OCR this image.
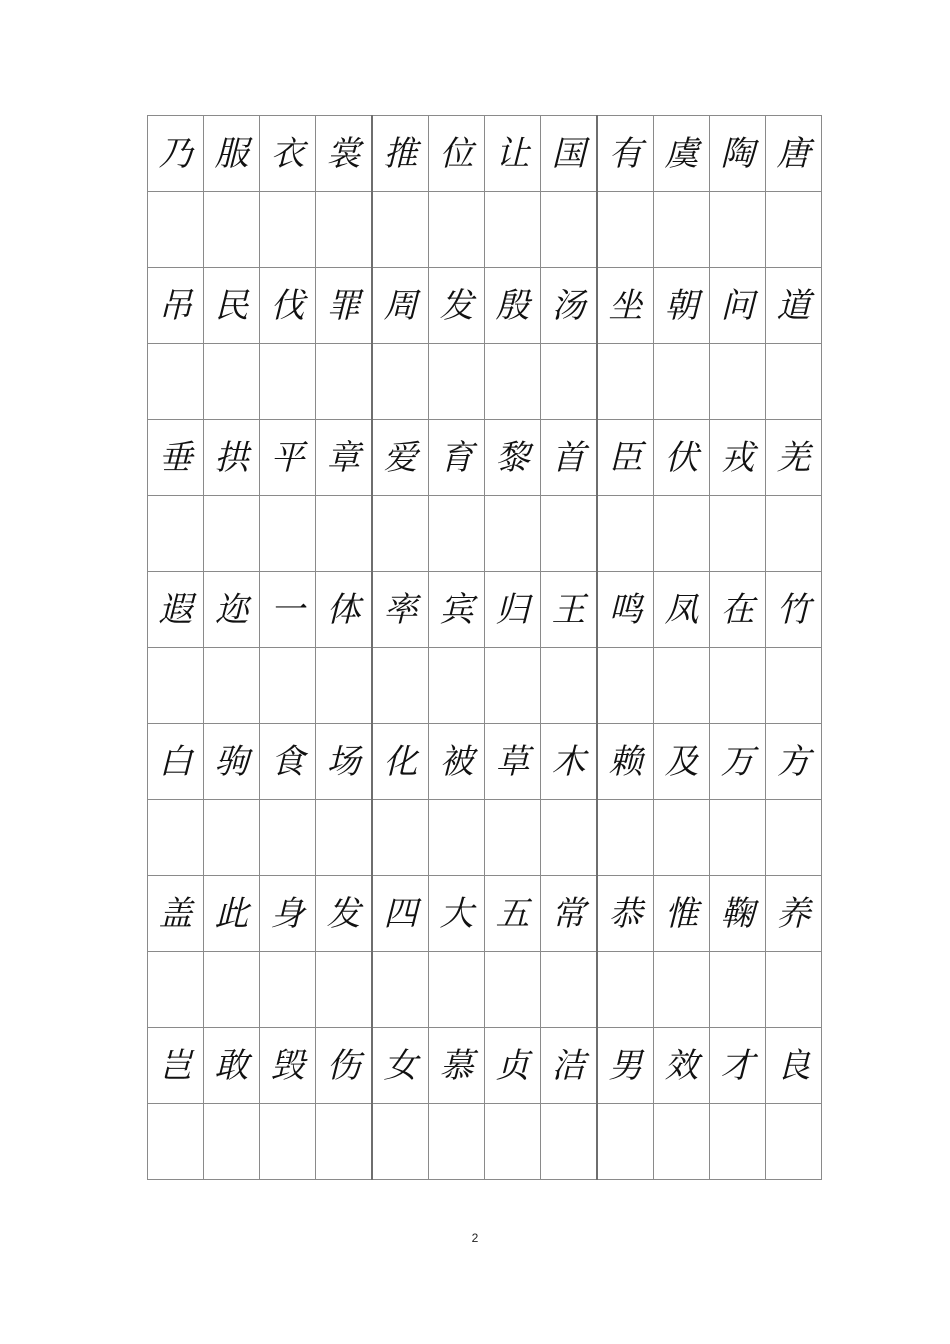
乃	服	衣	裳	推	位	让	国	有	虞	陶	唐

吊	民	伐	罪	周	发	殷	汤	坐	朝	问	道

垂	拱	平	章	爱	育	黎	首	臣	伏	戎	羌

遐	迩	一	体	率	宾	归	王	鸣	凤	在	竹

白	驹	食	场	化	被	草	木	赖	及	万	方

盖	此	身	发	四	大	五	常	恭	惟	鞠	养

岂	敢	毁	伤	女	慕	贞	洁	男	效	才	良

2
